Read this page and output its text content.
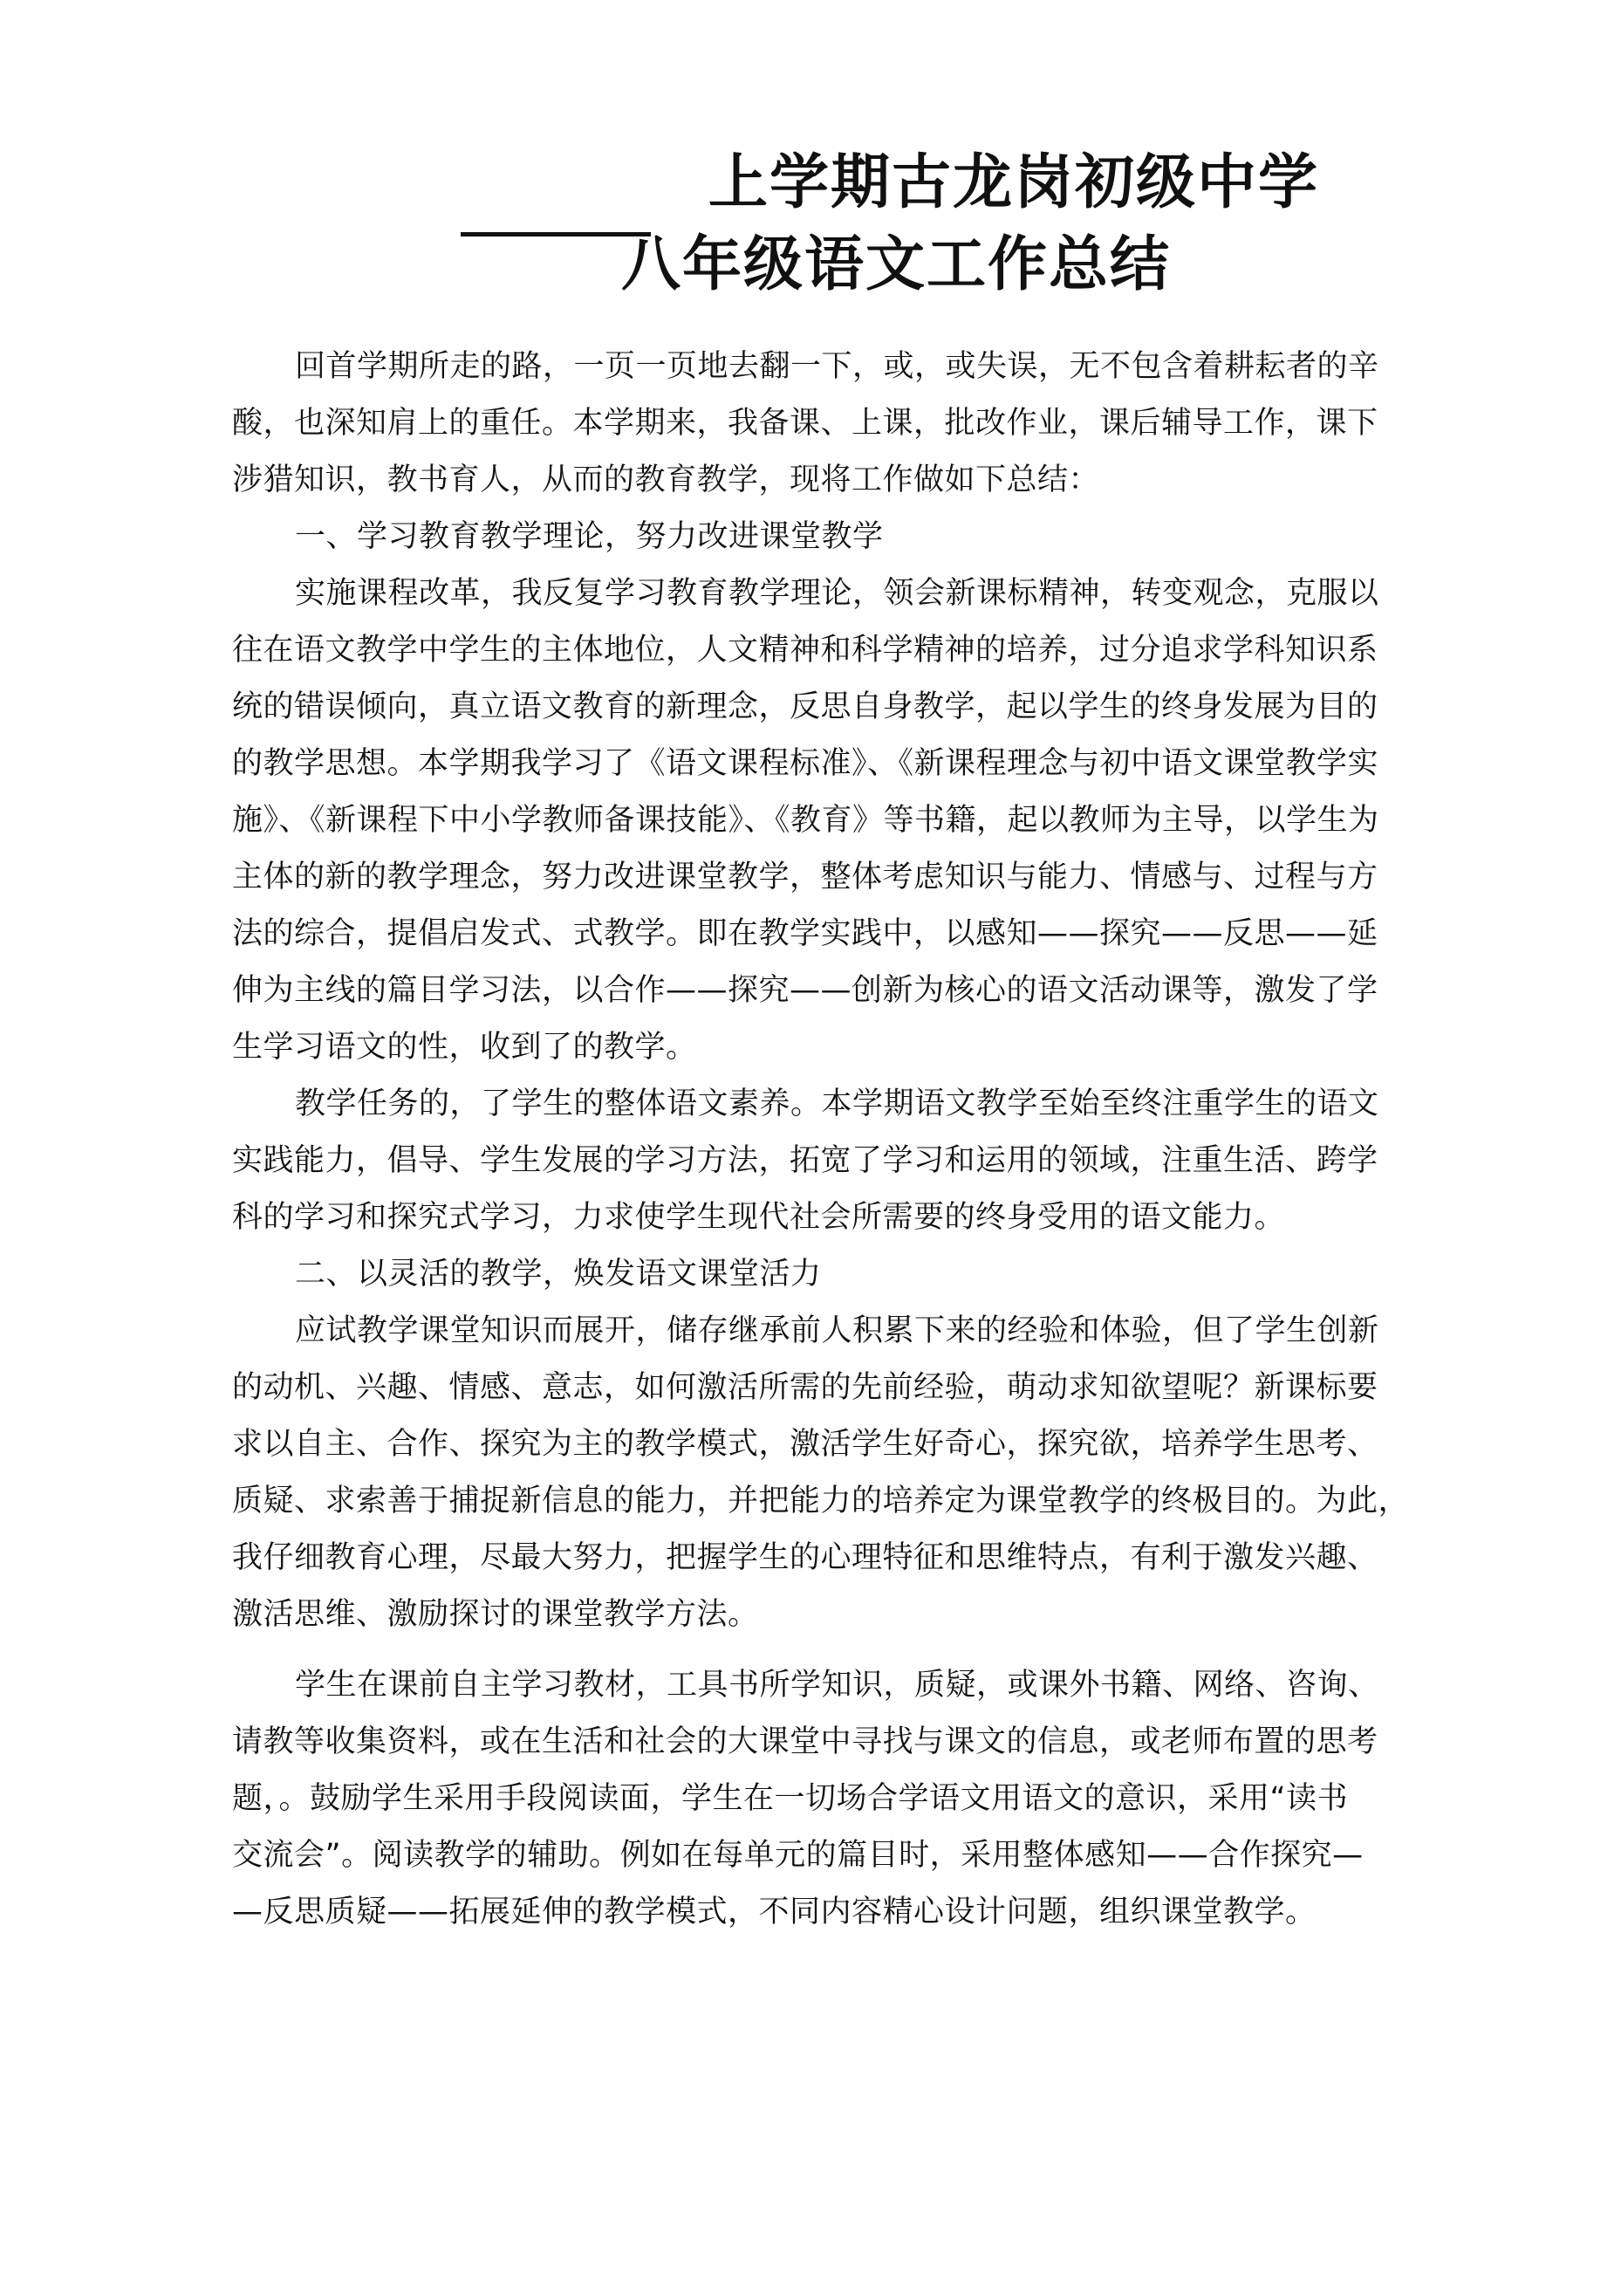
上学期古龙岗初级中学
八年级语文工作总结
回首学期所走的路，一页一页地去翻一下，或，或失误，无不包含着耕耘者的辛
酸，也深知肩上的重任。本学期来，我备课、上课，批改作业，课后辅导工作，课下
涉猎知识，教书育人，从而的教育教学，现将工作做如下总结：
一、学习教育教学理论，努力改进课堂教学
实施课程改革，我反复学习教育教学理论，领会新课标精神，转变观念，克服以
往在语文教学中学生的主体地位，人文精神和科学精神的培养，过分追求学科知识系
统的错误倾向，真立语文教育的新理念，反思自身教学，起以学生的终身发展为目的
的教学思想。本学期我学习了《语文课程标准》、《新课程理念与初中语文课堂教学实
施》、《新课程下中小学教师备课技能》、《教育》等书籍，起以教师为主导，以学生为
主体的新的教学理念，努力改进课堂教学，整体考虑知识与能力、情感与、过程与方
法的综合，提倡启发式、式教学。即在教学实践中，以感知——探究——反思——延
伸为主线的篇目学习法，以合作——探究——创新为核心的语文活动课等，激发了学
生学习语文的性，收到了的教学。
教学任务的，了学生的整体语文素养。本学期语文教学至始至终注重学生的语文
实践能力，倡导、学生发展的学习方法，拓宽了学习和运用的领域，注重生活、跨学
科的学习和探究式学习，力求使学生现代社会所需要的终身受用的语文能力。
二、以灵活的教学，焕发语文课堂活力
应试教学课堂知识而展开，储存继承前人积累下来的经验和体验，但了学生创新
的动机、兴趣、情感、意志，如何激活所需的先前经验，萌动求知欲望呢？新课标要
求以自主、合作、探究为主的教学模式，激活学生好奇心，探究欲，培养学生思考、
质疑、求索善于捕捉新信息的能力，并把能力的培养定为课堂教学的终极目的。为此，
我仔细教育心理，尽最大努力，把握学生的心理特征和思维特点，有利于激发兴趣、
激活思维、激励探讨的课堂教学方法。
学生在课前自主学习教材，工具书所学知识，质疑，或课外书籍、网络、咨询、
请教等收集资料，或在生活和社会的大课堂中寻找与课文的信息，或老师布置的思考
题，。鼓励学生采用手段阅读面，学生在一切场合学语文用语文的意识，采用“读书
交流会”。阅读教学的辅助。例如在每单元的篇目时，采用整体感知——合作探究—
—反思质疑——拓展延伸的教学模式，不同内容精心设计问题，组织课堂教学。
